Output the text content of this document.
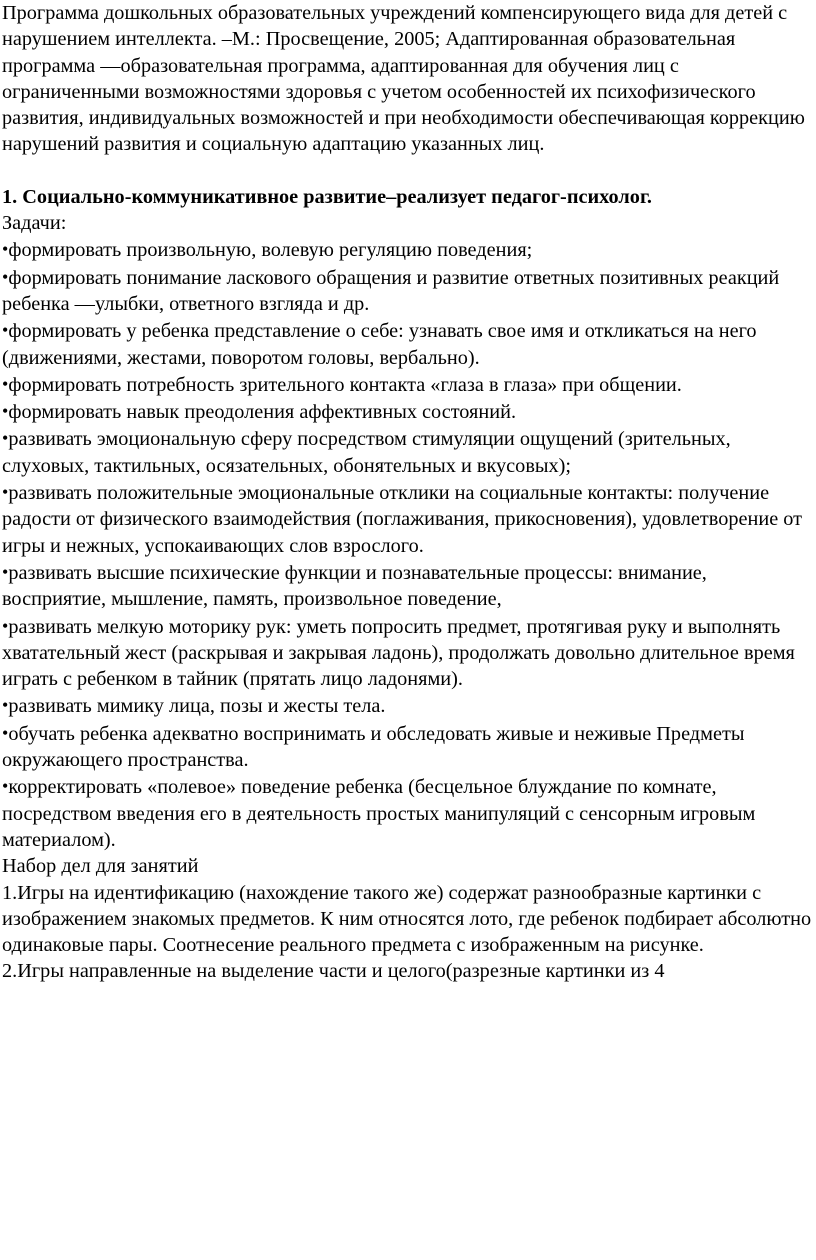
Программа дошкольных образовательных учреждений компенсирующего вида для детей с нарушением интеллекта. –М.: Просвещение, 2005; Адаптированная образовательная программа ―образовательная программа, адаптированная для обучения лиц с ограниченными возможностями здоровья с учетом особенностей их психофизического развития, индивидуальных возможностей и при необходимости обеспечивающая коррекцию нарушений развития и социальную адаптацию указанных лиц.

1. Социально-коммуникативное развитие–реализует педагог-психолог.

Задачи:

•формировать произвольную, волевую регуляцию поведения;

•формировать понимание ласкового обращения и развитие ответных позитивных реакций ребенка ―улыбки, ответного взгляда и др.

•формировать у ребенка представление о себе: узнавать свое имя и откликаться на него (движениями, жестами, поворотом головы, вербально).

•формировать потребность зрительного контакта «глаза в глаза» при общении.

•формировать навык преодоления аффективных состояний.

•развивать эмоциональную сферу посредством стимуляции ощущений (зрительных, слуховых, тактильных, осязательных, обонятельных и вкусовых);

•развивать положительные эмоциональные отклики на социальные контакты: получение радости от физического взаимодействия (поглаживания, прикосновения), удовлетворение от игры и нежных, успокаивающих слов взрослого.

•развивать высшие психические функции и познавательные процессы: внимание, восприятие, мышление, память, произвольное поведение,

•развивать мелкую моторику рук: уметь попросить предмет, протягивая руку и выполнять хватательный жест (раскрывая и закрывая ладонь), продолжать довольно длительное время играть с ребенком в тайник (прятать лицо ладонями).

•развивать мимику лица, позы и жесты тела.

•обучать ребенка адекватно воспринимать и обследовать живые и неживые Предметы окружающего пространства.

•корректировать «полевое» поведение ребенка (бесцельное блуждание по комнате, посредством введения его в деятельность простых манипуляций с сенсорным игровым материалом).

Набор дел для занятий

1.Игры на идентификацию (нахождение такого же) содержат разнообразные картинки с изображением знакомых предметов. К ним относятся лото, где ребенок подбирает абсолютно одинаковые пары. Соотнесение реального предмета с изображенным на рисунке.

2.Игры направленные на выделение части и целого(разрезные картинки из 4
